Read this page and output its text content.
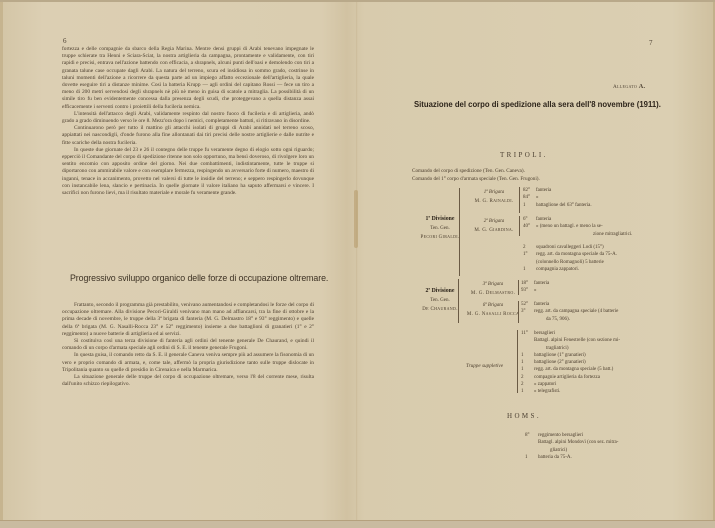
6

fortezza e delle compagnie da sbarco della Regia Marina. Mentre densi gruppi di Arabi tenevano impegnate le truppe schierate tra Henni e Sciara-Sciat, la nostra artiglieria da campagna, prontamente e validamente, con tiri rapidi e precisi, entrava nell'azione battendo con efficacia, a shrapnels, alcuni punti dell'oasi e demolendo con tiri a granata talune case occupate dagli Arabi. La natura del terreno, scura ed insidiosa in sommo grado, costrinse in taluni momenti dell'azione a ricorrere da questa parte ad un impiego affatto eccezionale dell'artiglieria, la quale dovette eseguire tiri a distanze minime. Così la batteria Krupp — agli ordini del capitano Rossi — fece un tiro a meno di 200 metri servendosi degli shrapnels nè più nè meno in guisa di scatole a mitraglia. La possibilità di un simile tiro fu ben evidentemente concessa dalla presenza degli scudi, che proteggevano a quella distanza assai efficacemente i serventi contro i proiettili della fucileria nemica.

L'intensità dell'attacco degli Arabi, validamente respinto dal nostro fuoco di fucileria e di artiglieria, andò grado a grado diminuendo verso le ore 8. Mezz'ora dopo i nemici, completamente battuti, si ritiravano in disordine.

Continuarono però per tutto il mattino gli attacchi isolati di gruppi di Arabi annidati nel terreno scoso, appiattati nei nascondigli, d'onde furono alla fine allontanati dai tiri precisi delle nostre artiglierie e dalle nutrite e fitte scariche della nostra fucileria.

In queste due giornate del 23 e 26 il contegno delle truppe fu veramente degno di elogio sotto ogni riguardo; epperciò il Comandante del corpo di spedizione ritenne non solo opportuno, ma bensì doveroso, di rivolgere loro un sentito encomio con apposito ordine del giorno. Nei due combattimenti, indistintamente, tutte le truppe si diportarono con ammirabile valore e con esemplare fermezza, respingendo un avversario forte di numero, maestro di inganni, tenace in accanimento, provetto nel valersi di tutte le insidie del terreno; e seppero respingerlo dovunque con instancabile lena, slancio e pertinacia. In quelle giornate il valore italiano ha saputo affermarsi e vincere. I sacrifici non furono lievi, ma il risultato materiale e morale fu veramente grande.

Progressivo sviluppo organico delle forze di occupazione oltremare.

Frattanto, secondo il programma già prestabilito, venivano aumentandosi e completandosi le forze del corpo di occupazione oltremare. Alla divisione Pecori-Giraldi venivano man mano ad affiancarsi, tra la fine di ottobre e la prima decade di novembre, le truppe della 3ª brigata di fanteria (M. G. Delmastro 18° e 93° reggimento) e quelle della 6ª brigata (M. G. Nasalli-Rocca 23° e 52° reggimento) insieme a due battaglioni di granatieri (1° e 2° reggimento) a nuove batterie di artiglieria ed ai servizi.

Si costituiva così una terza divisione di fanteria agli ordini del tenente generale De Chaurand, e quindi il comando di un corpo d'armata speciale agli ordini di S. E. il tenente generale Frugoni.

In questa guisa, il comando retto da S. E. il generale Caneva veniva sempre più ad assumere la fisonomia di un vero e proprio comando di armata, e, come tale, affermò la propria giurisdizione tanto sulle truppe dislocate in Tripolitania quanto su quelle di presidio in Cirenaica e nella Marmarica.

La situazione generale delle truppe del corpo di occupazione oltremare, verso l'8 del corrente mese, risulta dall'unito schizzo riepilogativo.

7
Allegato A.
Situazione del corpo di spedizione alla sera dell'8 novembre (1911).
TRIPOLI.
Comando del corpo di spedizione (Ten. Gen. Caneva).
Comando del 1° corpo d'armata speciale (Ten. Gen. Frugoni).
1ª Divisione
Ten. Gen.
Pecori Giraldi.
1ª Brigata
M. G. Rainaldi.
82°	fanteria
84°	»
1	battaglione del 63° fanteria.
2ª Brigata
M. G. Giardina.
6°	fanteria
40°	» (meno un battagl. e meno la se-
zione mitragliatrici.
2	squadroni cavalleggeri Lodi (15°)
1°	regg. art. da montagna speciale da 75-A.
(colonnello Romagnoli) 5 batterie
1	compagnia zappatori.
2ª Divisione
Ten. Gen.
De Chaurand.
3ª Brigata
M. G. Delmastro.
18°	fanteria
93°	»
6ª Brigata
M. G. Nasalli Rocca
52°	fanteria
3°	regg. art. da campagna speciale (4 batterie
da 75, 906).
Truppe suppletive
11°	bersaglieri
Battagl. alpini Fenestrelle (con sezione mi-
tragliatrici)
1	battaglione (1° granatieri)
1	battaglione (2° granatieri)
1	regg. art. da montagna speciale (5 batt.)
2	compagnie artiglieria da fortezza
2	» zappatori
1	» telegrafisti.
HOMS.
8°	reggimento bersaglieri
Battagl. alpini Mondovì (con sez. mitra-
gliatrici)
1	batteria da 75-A.
